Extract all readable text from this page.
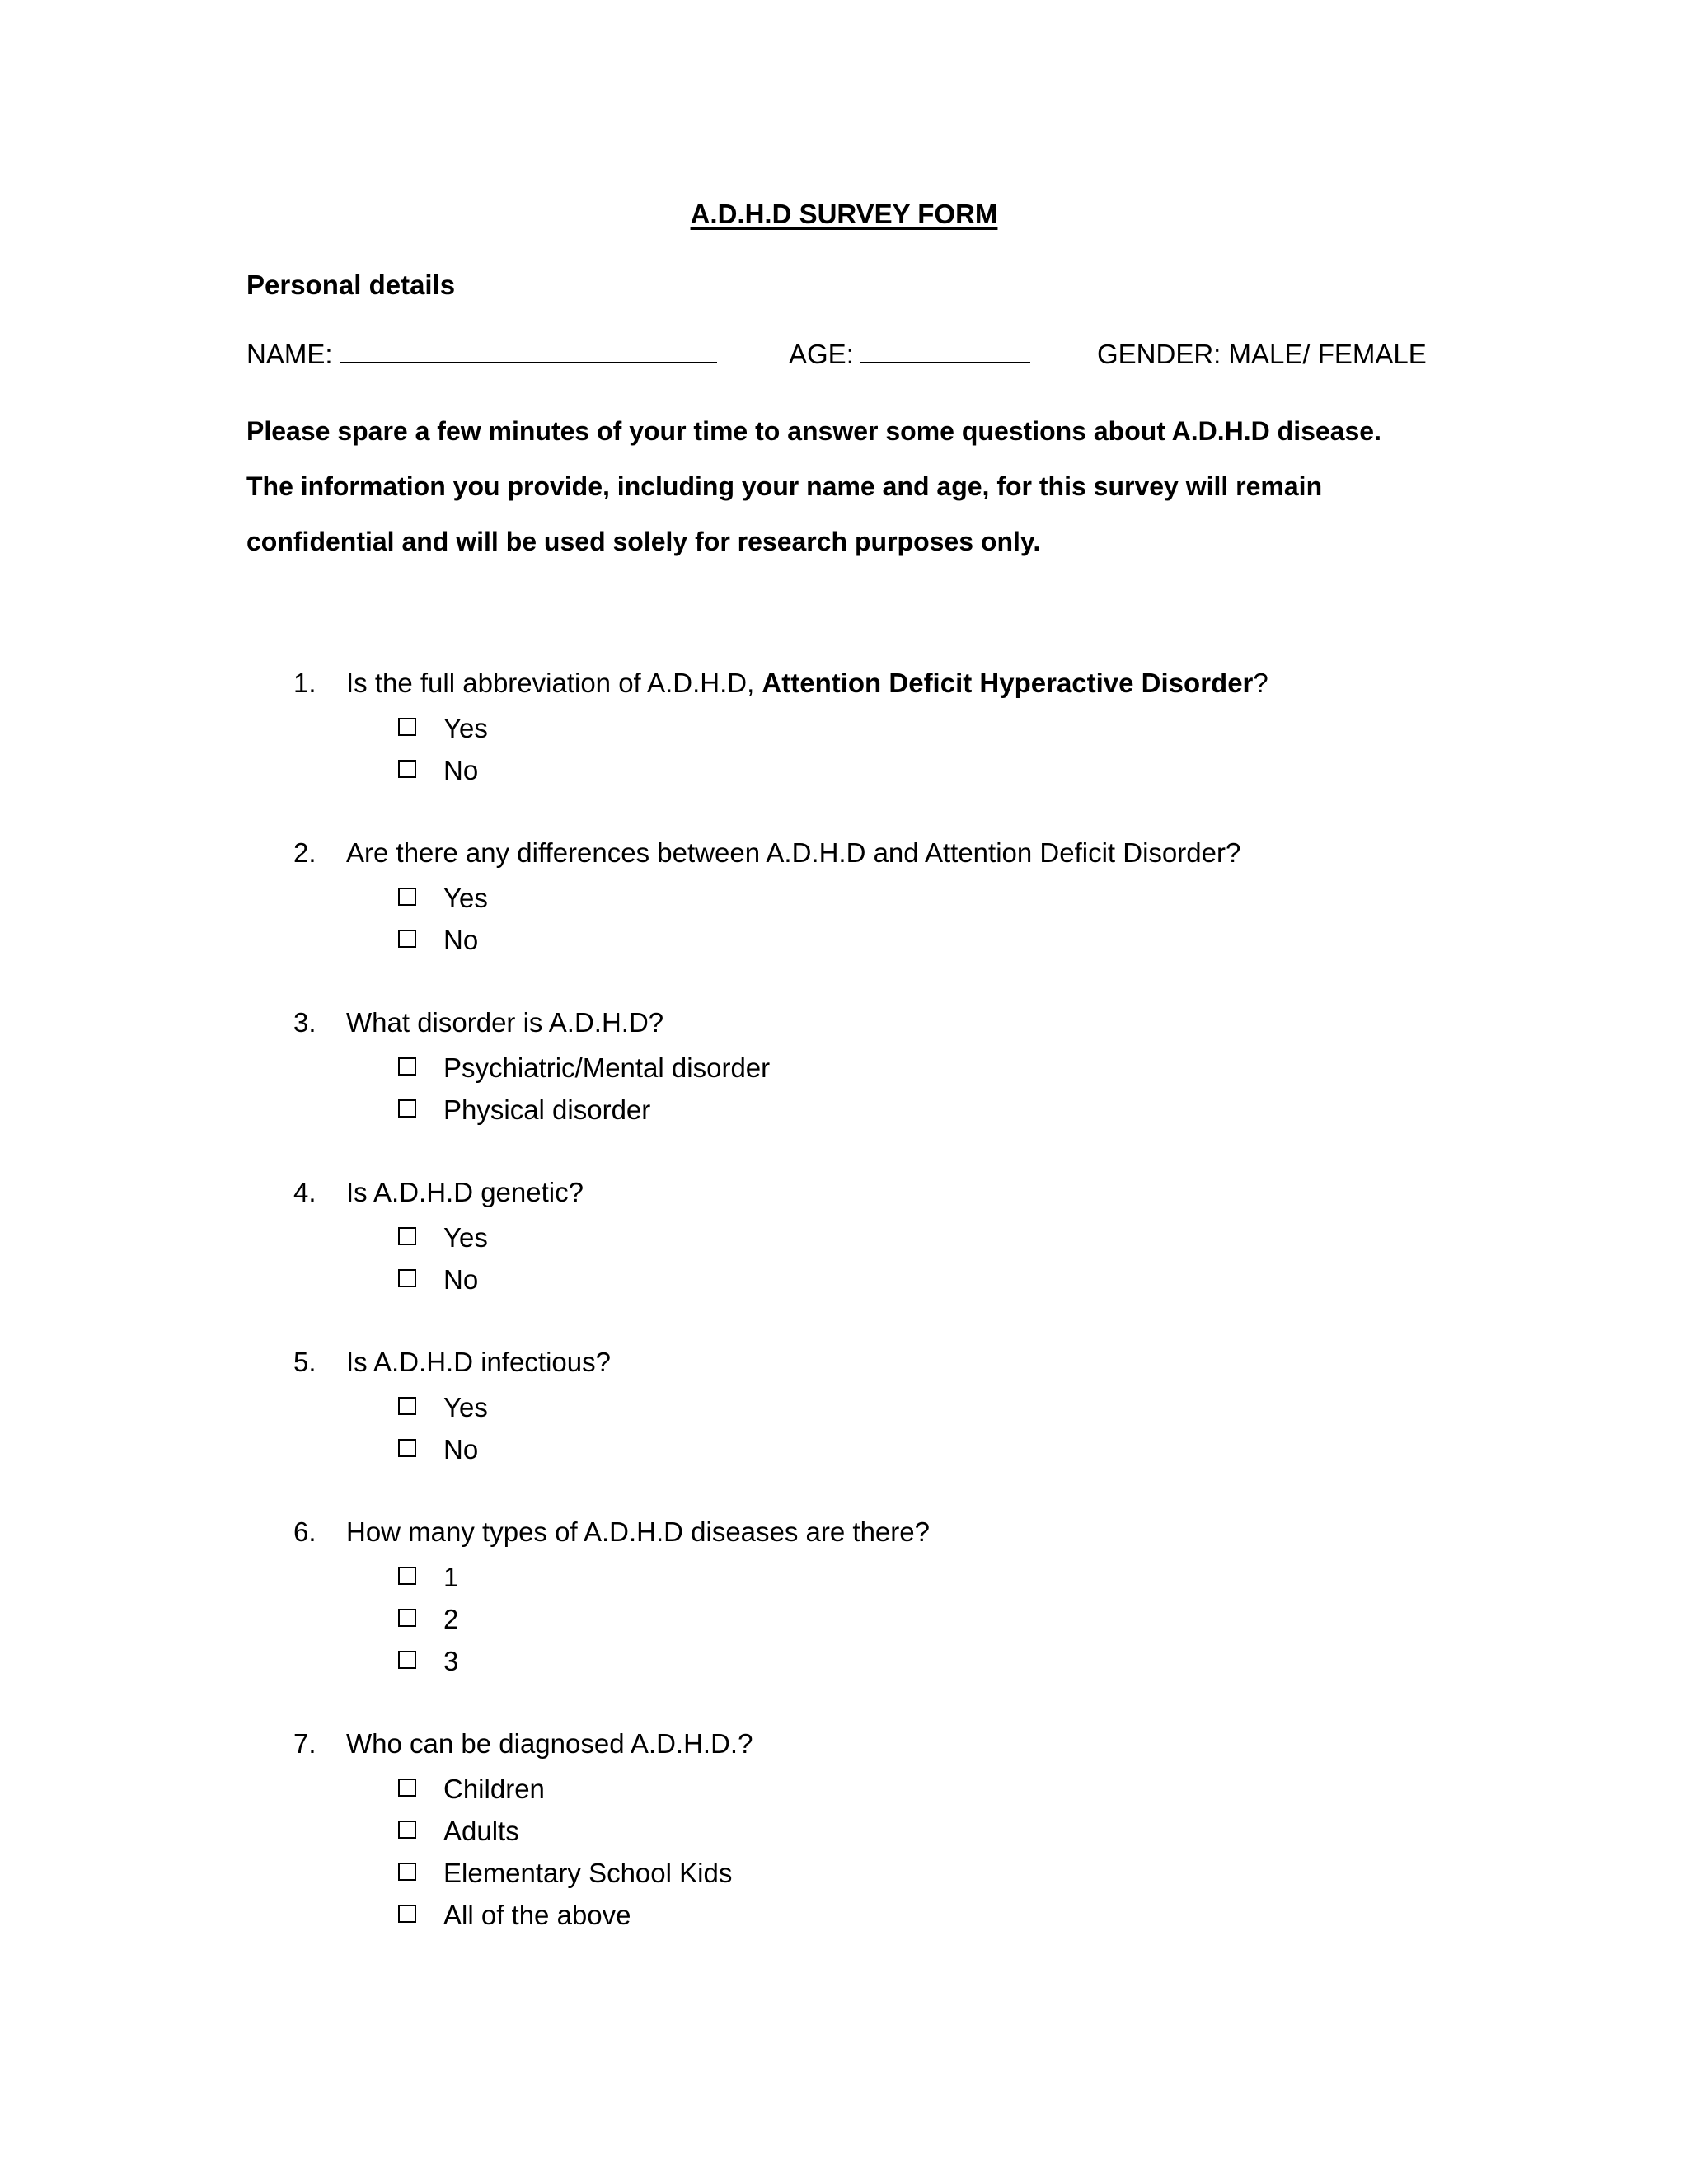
A.D.H.D SURVEY FORM
Personal details
NAME:	AGE:	GENDER: MALE/ FEMALE

Please spare a few minutes of your time to answer some questions about A.D.H.D disease.

The information you provide, including your name and age, for this survey will remain

confidential and will be used solely for research purposes only.

1.	Is the full abbreviation of A.D.H.D, Attention Deficit Hyperactive Disorder?
Yes
No
2.	Are there any differences between A.D.H.D and Attention Deficit Disorder?
Yes
No
3.	What disorder is A.D.H.D?
Psychiatric/Mental disorder
Physical disorder
4.	Is A.D.H.D genetic?
Yes
No
5.	Is A.D.H.D infectious?
Yes
No
6.	How many types of A.D.H.D diseases are there?
1
2
3
7.	Who can be diagnosed A.D.H.D.?
Children
Adults
Elementary School Kids
All of the above
